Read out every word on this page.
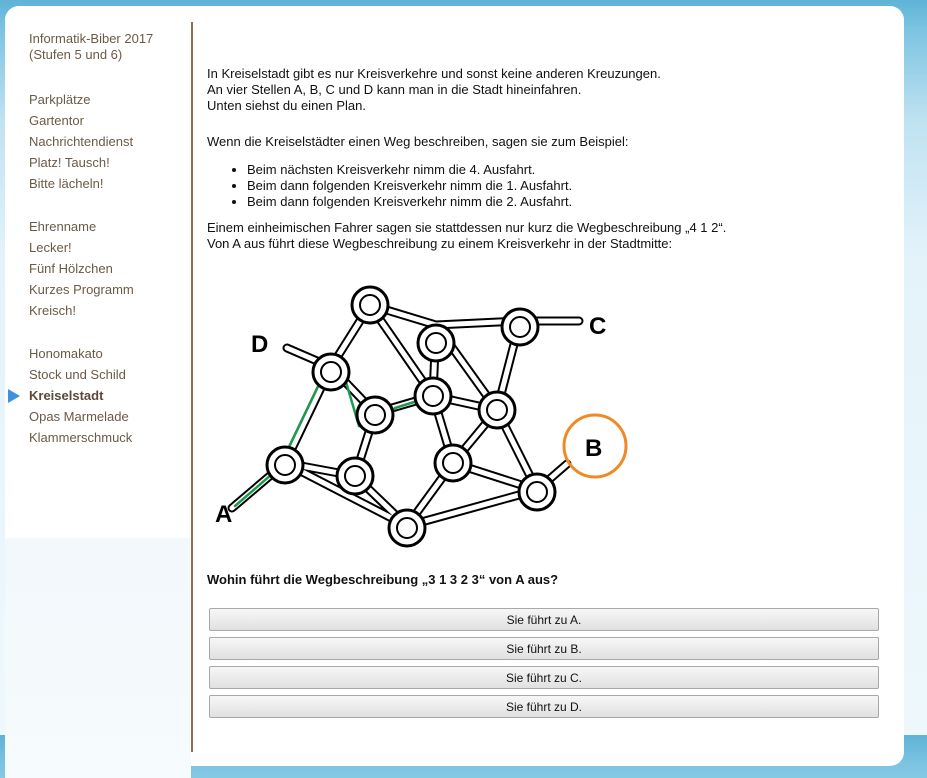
Informatik-Biber 2017
(Stufen 5 und 6)
Parkplätze
Gartentor
Nachrichtendienst
Platz! Tausch!
Bitte lächeln!
Ehrenname
Lecker!
Fünf Hölzchen
Kurzes Programm
Kreisch!
Honomakato
Stock und Schild
Kreiselstadt
Opas Marmelade
Klammerschmuck

In Kreiselstadt gibt es nur Kreisverkehre und sonst keine anderen Kreuzungen.

An vier Stellen A, B, C und D kann man in die Stadt hineinfahren.

Unten siehst du einen Plan.

Wenn die Kreiselstädter einen Weg beschreiben, sagen sie zum Beispiel:

• Beim nächsten Kreisverkehr nimm die 4. Ausfahrt.
• Beim dann folgenden Kreisverkehr nimm die 1. Ausfahrt.
• Beim dann folgenden Kreisverkehr nimm die 2. Ausfahrt.

Einem einheimischen Fahrer sagen sie stattdessen nur kurz die Wegbeschreibung „4 1 2“.

Von A aus führt diese Wegbeschreibung zu einem Kreisverkehr in der Stadtmitte:

A
B
C
D
Wohin führt die Wegbeschreibung „3 1 3 2 3“ von A aus?
Sie führt zu A.
Sie führt zu B.
Sie führt zu C.
Sie führt zu D.
